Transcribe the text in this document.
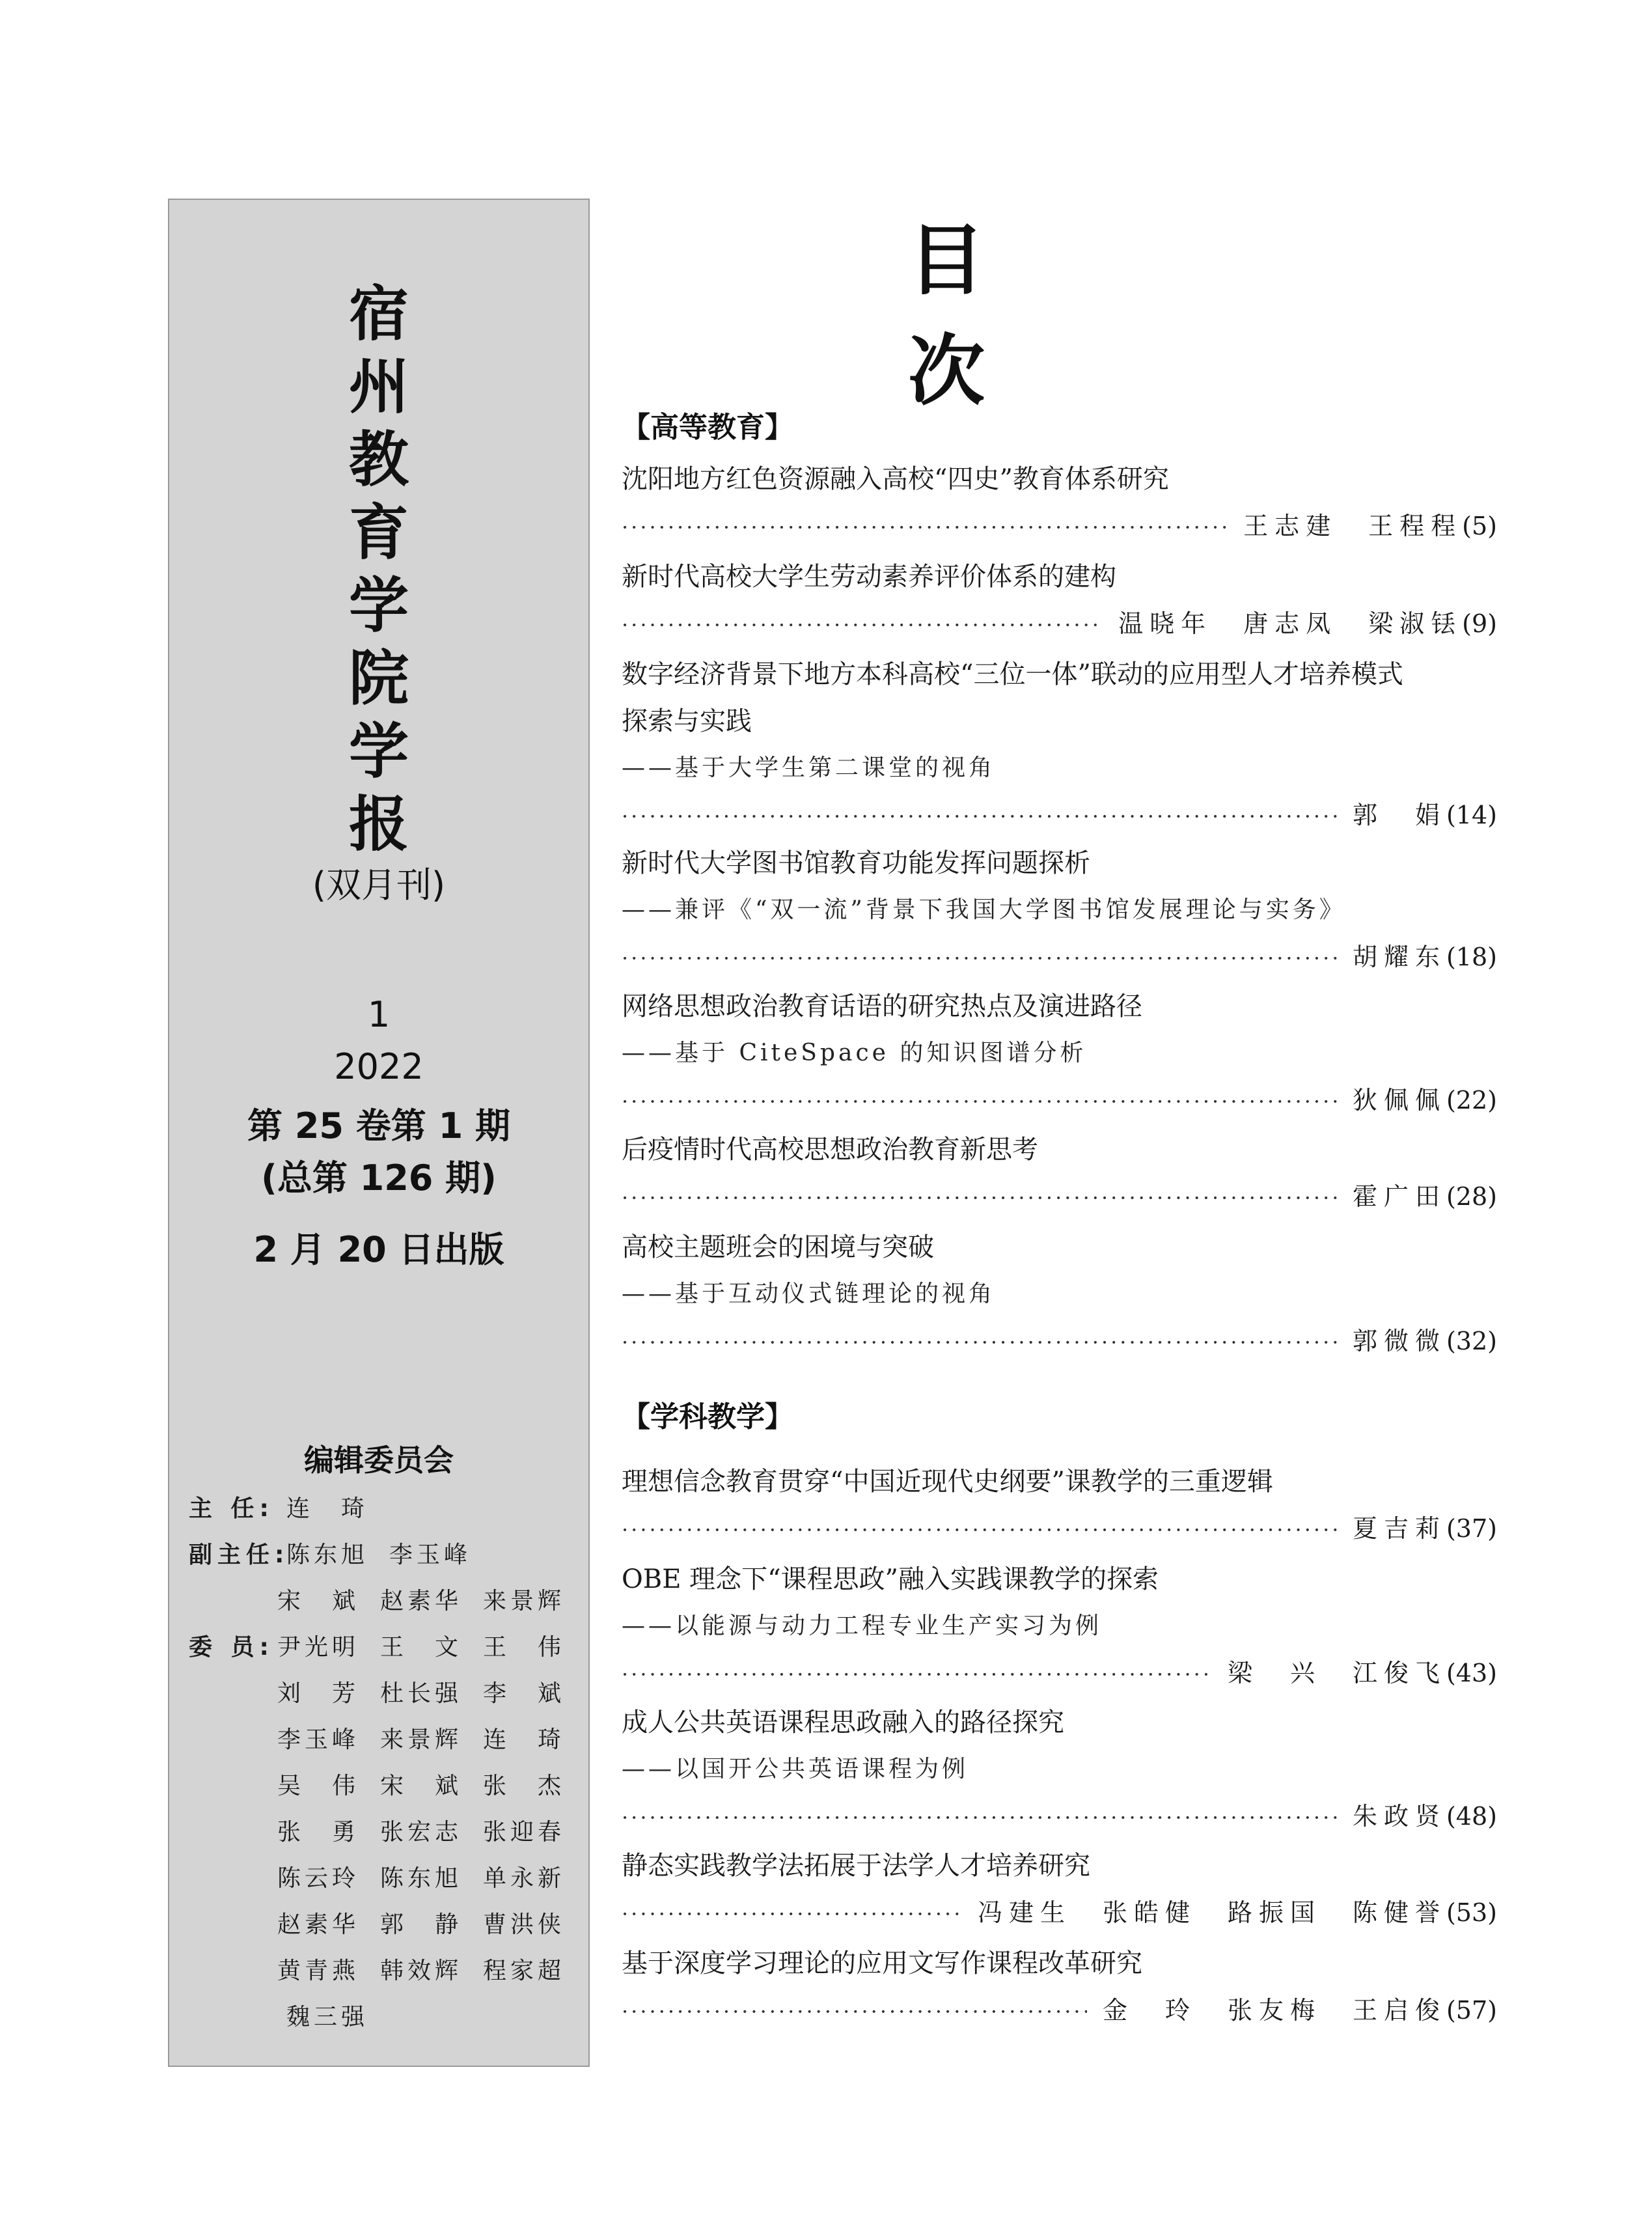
宿
州
教
育
学
院
学
报
(双月刊)
1
2022
第 25 卷第 1 期
(总第 126 期)
2 月 20 日出版
编辑委员会
主 任: 连　琦
副主任:
陈东旭 李玉峰
宋　斌 赵素华 来景辉
委 员: 尹光明 王　文 王　伟
刘　芳 杜长强 李　斌
李玉峰 来景辉 连　琦
吴　伟 宋　斌 张　杰
张　勇 张宏志 张迎春
陈云玲 陈东旭 单永新
赵素华 郭　静 曹洪侠
黄青燕 韩效辉 程家超
魏三强
目次
【高等教育】
沈阳地方红色资源融入高校“四史”教育体系研究
·····
王志建　王程程 (5)
新时代高校大学生劳动素养评价体系的建构
·····
温晓年　唐志凤　梁淑铥 (9)
数字经济背景下地方本科高校“三位一体”联动的应用型人才培养模式
探索与实践
——基于大学生第二课堂的视角
·····
郭　娟 (14)
新时代大学图书馆教育功能发挥问题探析
——兼评《“双一流”背景下我国大学图书馆发展理论与实务》
·····
胡耀东 (18)
网络思想政治教育话语的研究热点及演进路径
——基于 CiteSpace 的知识图谱分析
·····
狄佩佩 (22)
后疫情时代高校思想政治教育新思考
·····
霍广田 (28)
高校主题班会的困境与突破
——基于互动仪式链理论的视角
·····
郭微微 (32)
【学科教学】
理想信念教育贯穿“中国近现代史纲要”课教学的三重逻辑
·····
夏吉莉 (37)
OBE 理念下“课程思政”融入实践课教学的探索
——以能源与动力工程专业生产实习为例
·····
梁　兴　江俊飞 (43)
成人公共英语课程思政融入的路径探究
——以国开公共英语课程为例
·····
朱政贤 (48)
静态实践教学法拓展于法学人才培养研究
·····
冯建生　张皓健　路振国　陈健誉 (53)
基于深度学习理论的应用文写作课程改革研究
·····
金　玲　张友梅　王启俊 (57)
